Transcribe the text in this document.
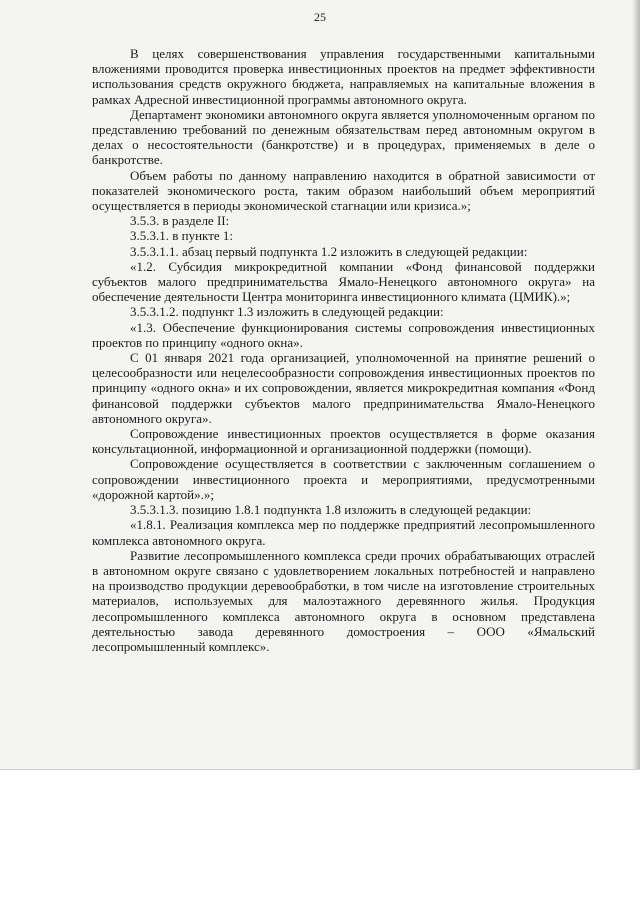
25

В целях совершенствования управления государственными капитальными вложениями проводится проверка инвестиционных проектов на предмет эффективности использования средств окружного бюджета, направляемых на капитальные вложения в рамках Адресной инвестиционной программы автономного округа.

Департамент экономики автономного округа является уполномоченным органом по представлению требований по денежным обязательствам перед автономным округом в делах о несостоятельности (банкротстве) и в процедурах, применяемых в деле о банкротстве.

Объем работы по данному направлению находится в обратной зависимости от показателей экономического роста, таким образом наибольший объем мероприятий осуществляется в периоды экономической стагнации или кризиса.»;

3.5.3. в разделе II:

3.5.3.1. в пункте 1:

3.5.3.1.1. абзац первый подпункта 1.2 изложить в следующей редакции:

«1.2. Субсидия микрокредитной компании «Фонд финансовой поддержки субъектов малого предпринимательства Ямало-Ненецкого автономного округа» на обеспечение деятельности Центра мониторинга инвестиционного климата (ЦМИК).»;

3.5.3.1.2. подпункт 1.3 изложить в следующей редакции:

«1.3. Обеспечение функционирования системы сопровождения инвестиционных проектов по принципу «одного окна».

С 01 января 2021 года организацией, уполномоченной на принятие решений о целесообразности или нецелесообразности сопровождения инвестиционных проектов по принципу «одного окна» и их сопровождении, является микрокредитная компания «Фонд финансовой поддержки субъектов малого предпринимательства Ямало-Ненецкого автономного округа».

Сопровождение инвестиционных проектов осуществляется в форме оказания консультационной, информационной и организационной поддержки (помощи).

Сопровождение осуществляется в соответствии с заключенным соглашением о сопровождении инвестиционного проекта и мероприятиями, предусмотренными «дорожной картой».»;

3.5.3.1.3. позицию 1.8.1 подпункта 1.8 изложить в следующей редакции:

«1.8.1. Реализация комплекса мер по поддержке предприятий лесопромышленного комплекса автономного округа.

Развитие лесопромышленного комплекса среди прочих обрабатывающих отраслей в автономном округе связано с удовлетворением локальных потребностей и направлено на производство продукции деревообработки, в том числе на изготовление строительных материалов, используемых для малоэтажного деревянного жилья. Продукция лесопромышленного комплекса автономного округа в основном представлена деятельностью завода деревянного домостроения – ООО «Ямальский лесопромышленный комплекс».
